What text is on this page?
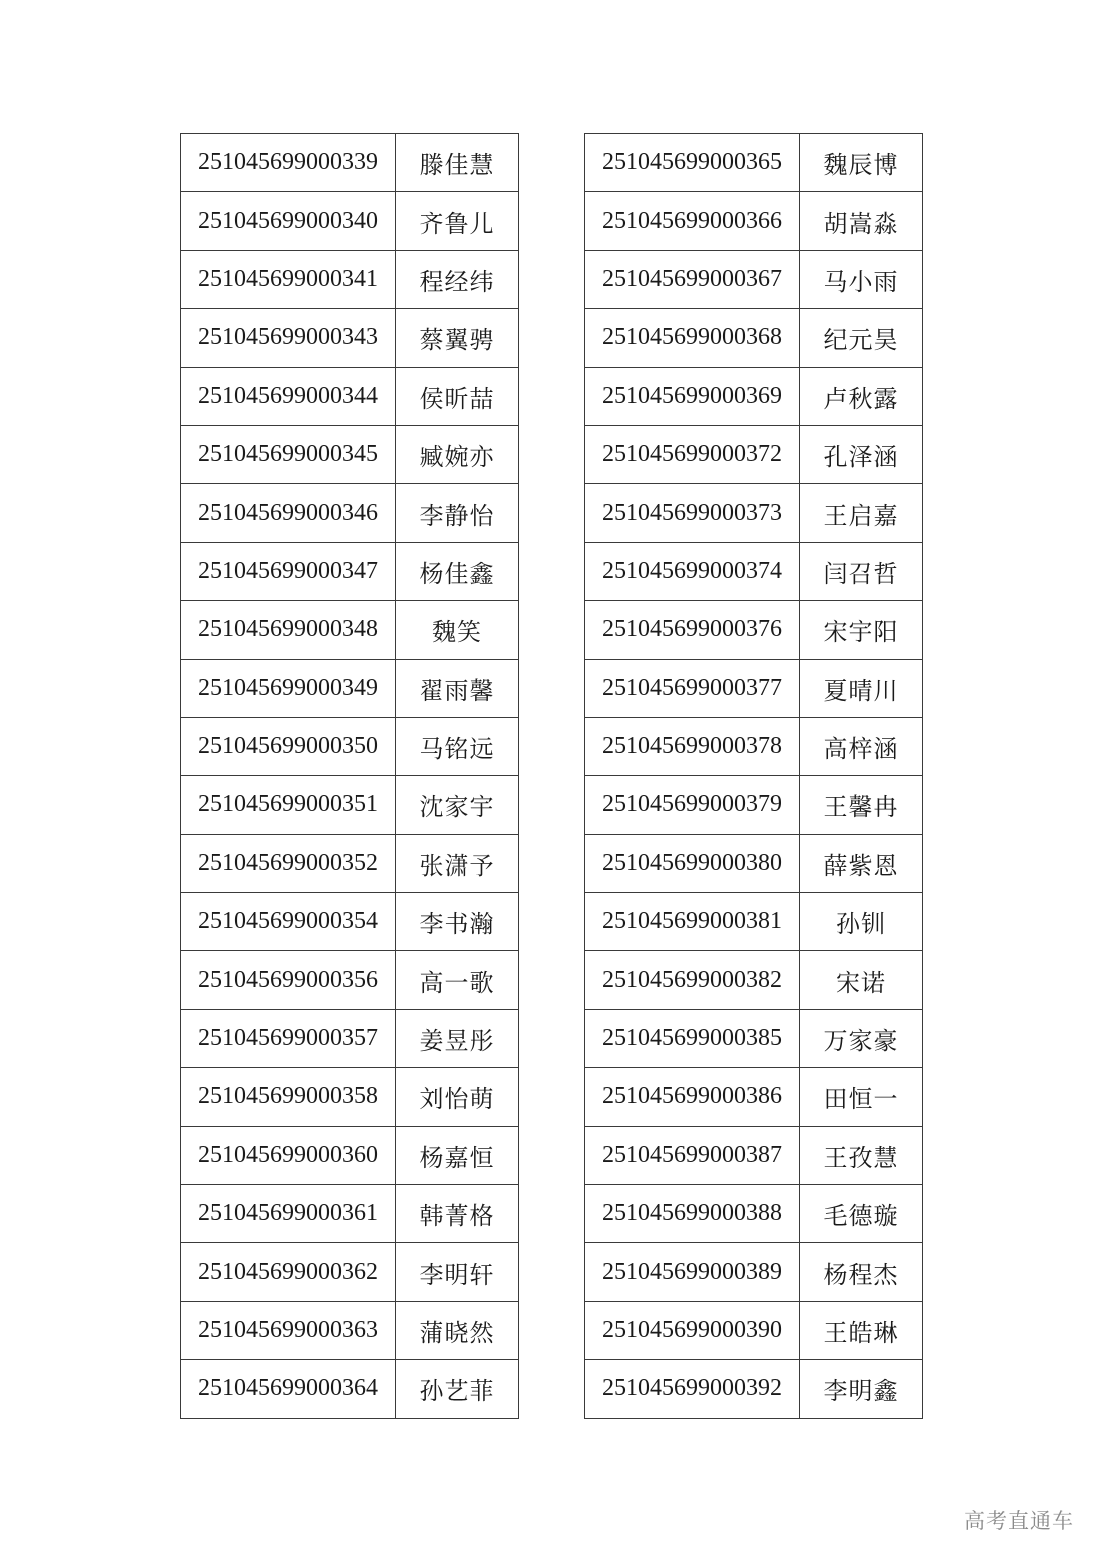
251045699000339	滕佳慧
251045699000340	齐鲁儿
251045699000341	程经纬
251045699000343	蔡翼骋
251045699000344	侯昕喆
251045699000345	臧婉亦
251045699000346	李静怡
251045699000347	杨佳鑫
251045699000348	魏笑
251045699000349	翟雨馨
251045699000350	马铭远
251045699000351	沈家宇
251045699000352	张潇予
251045699000354	李书瀚
251045699000356	高一歌
251045699000357	姜昱彤
251045699000358	刘怡萌
251045699000360	杨嘉恒
251045699000361	韩菁格
251045699000362	李明轩
251045699000363	蒲晓然
251045699000364	孙艺菲
251045699000365	魏辰博
251045699000366	胡嵩淼
251045699000367	马小雨
251045699000368	纪元昊
251045699000369	卢秋露
251045699000372	孔泽涵
251045699000373	王启嘉
251045699000374	闫召哲
251045699000376	宋宇阳
251045699000377	夏晴川
251045699000378	高梓涵
251045699000379	王馨冉
251045699000380	薛紫恩
251045699000381	孙钏
251045699000382	宋诺
251045699000385	万家豪
251045699000386	田恒一
251045699000387	王孜慧
251045699000388	毛德璇
251045699000389	杨程杰
251045699000390	王皓琳
251045699000392	李明鑫
高考直通车
